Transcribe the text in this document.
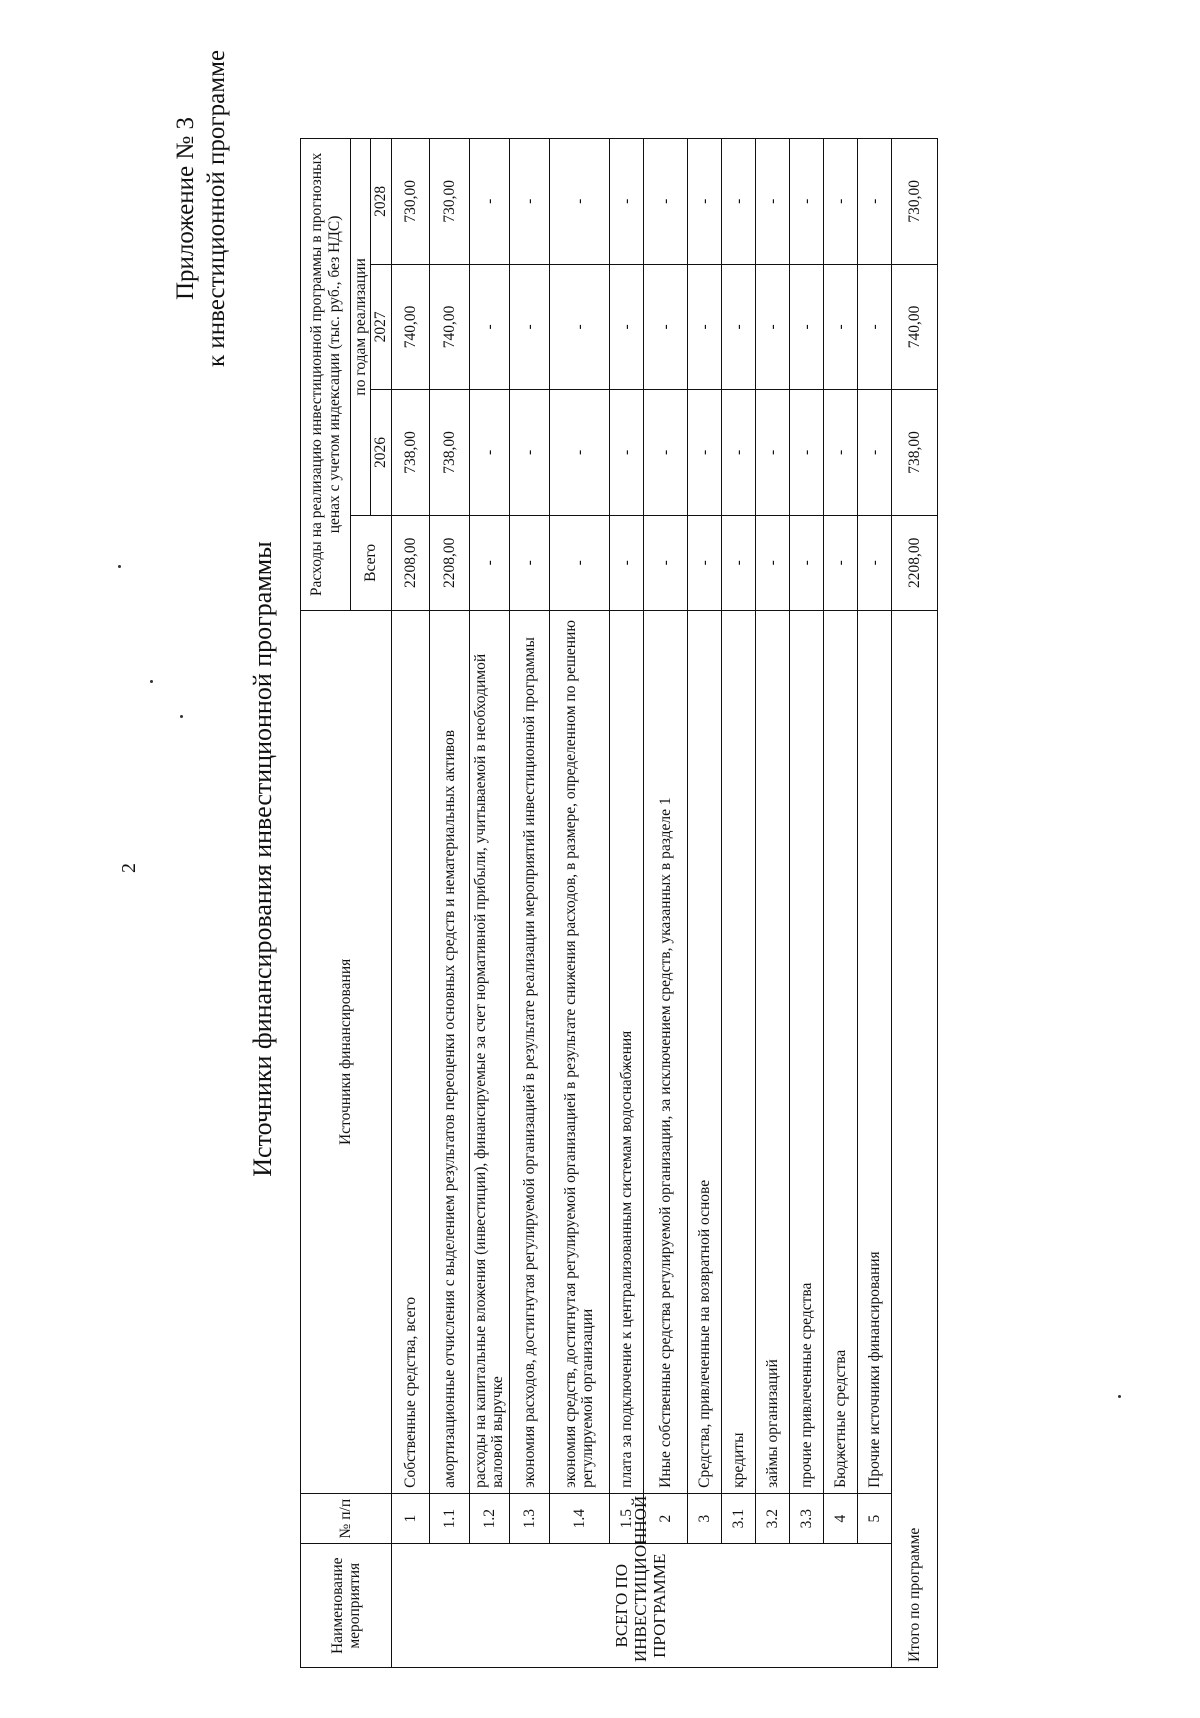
2
Приложение № 3 к инвестиционной программе
Источники финансирования инвестиционной программы
Наименование мероприятия	№ п/п	Источники финансирования	Расходы на реализацию инвестиционной программы в прогнозных ценах с учетом индексации (тыс. руб., без НДС)			
			Всего	по годам реализации		
				2026	2027	2028
ВСЕГО ПО ИНВЕСТИЦИОННОЙ ПРОГРАММЕ	1	Собственные средства, всего	2208,00	738,00	740,00	730,00
	1.1	амортизационные отчисления с выделением результатов переоценки основных средств и нематериальных активов	2208,00	738,00	740,00	730,00
	1.2	расходы на капитальные вложения (инвестиции), финансируемые за счет нормативной прибыли, учитываемой в необходимой валовой выручке	-	-	-	-
	1.3	экономия расходов, достигнутая регулируемой организацией в результате реализации мероприятий инвестиционной программы	-	-	-	-
	1.4	экономия средств, достигнутая регулируемой организацией в результате снижения расходов, в размере, определенном по решению регулируемой организации	-	-	-	-
	1.5	плата за подключение к централизованным системам водоснабжения	-	-	-	-
	2	Иные собственные средства регулируемой организации, за исключением средств, указанных в разделе 1	-	-	-	-
	3	Средства, привлеченные на возвратной основе	-	-	-	-
	3.1	кредиты	-	-	-	-
	3.2	займы организаций	-	-	-	-
	3.3	прочие привлеченные средства	-	-	-	-
	4	Бюджетные средства	-	-	-	-
	5	Прочие источники финансирования	-	-	-	-
Итого по программе			2208,00	738,00	740,00	730,00
